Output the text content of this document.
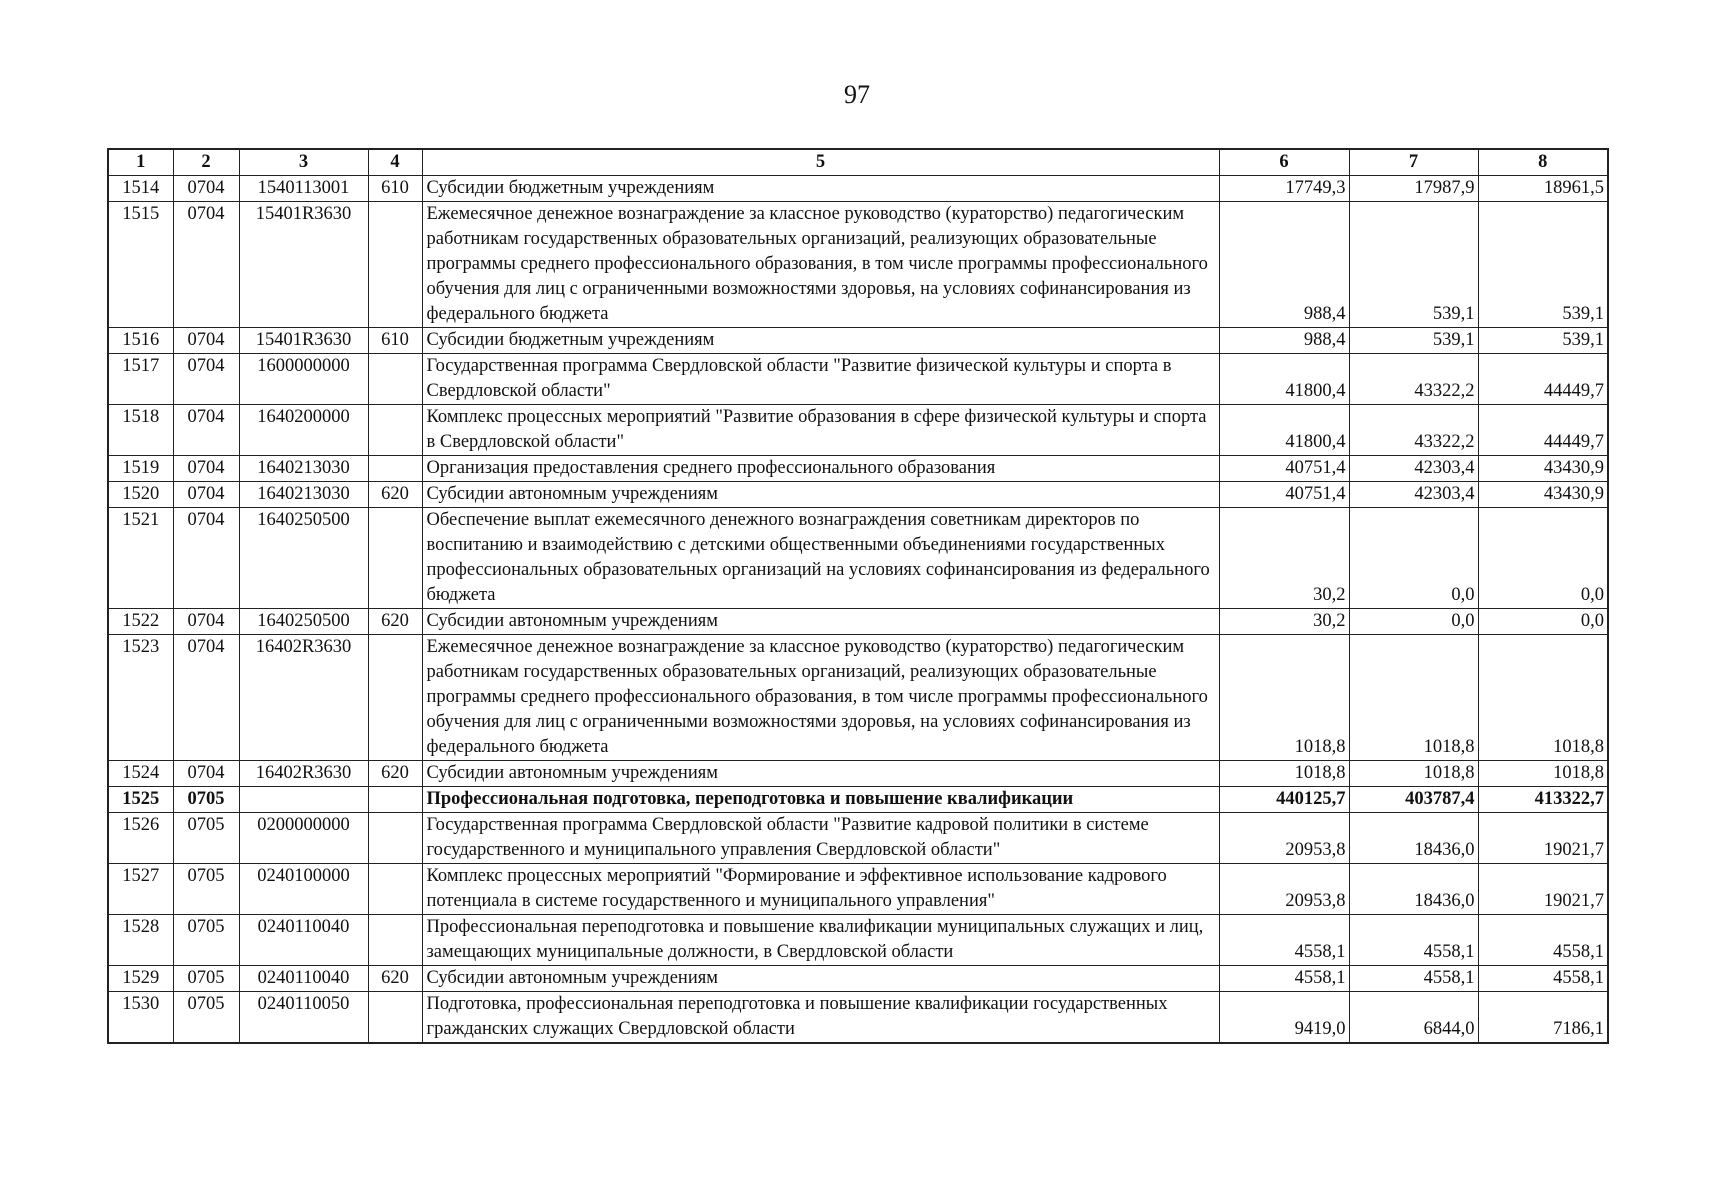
97
1	2	3	4	5	6	7	8
1514	0704	1540113001	610	Субсидии бюджетным учреждениям	17749,3	17987,9	18961,5
1515	0704	15401R3630		Ежемесячное денежное вознаграждение за классное руководство (кураторство) педагогическим работникам государственных образовательных организаций, реализующих образовательные программы среднего профессионального образования, в том числе программы профессионального обучения для лиц с ограниченными возможностями здоровья, на условиях софинансирования из федерального бюджета	988,4	539,1	539,1
1516	0704	15401R3630	610	Субсидии бюджетным учреждениям	988,4	539,1	539,1
1517	0704	1600000000		Государственная программа Свердловской области "Развитие физической культуры и спорта в Свердловской области"	41800,4	43322,2	44449,7
1518	0704	1640200000		Комплекс процессных мероприятий "Развитие образования в сфере физической культуры и спорта в Свердловской области"	41800,4	43322,2	44449,7
1519	0704	1640213030		Организация предоставления среднего профессионального образования	40751,4	42303,4	43430,9
1520	0704	1640213030	620	Субсидии автономным учреждениям	40751,4	42303,4	43430,9
1521	0704	1640250500		Обеспечение выплат ежемесячного денежного вознаграждения советникам директоров по воспитанию и взаимодействию с детскими общественными объединениями государственных профессиональных образовательных организаций на условиях софинансирования из федерального бюджета	30,2	0,0	0,0
1522	0704	1640250500	620	Субсидии автономным учреждениям	30,2	0,0	0,0
1523	0704	16402R3630		Ежемесячное денежное вознаграждение за классное руководство (кураторство) педагогическим работникам государственных образовательных организаций, реализующих образовательные программы среднего профессионального образования, в том числе программы профессионального обучения для лиц с ограниченными возможностями здоровья, на условиях софинансирования из федерального бюджета	1018,8	1018,8	1018,8
1524	0704	16402R3630	620	Субсидии автономным учреждениям	1018,8	1018,8	1018,8
1525	0705			Профессиональная подготовка, переподготовка и повышение квалификации	440125,7	403787,4	413322,7
1526	0705	0200000000		Государственная программа Свердловской области "Развитие кадровой политики в системе государственного и муниципального управления Свердловской области"	20953,8	18436,0	19021,7
1527	0705	0240100000		Комплекс процессных мероприятий "Формирование и эффективное использование кадрового потенциала в системе государственного и муниципального управления"	20953,8	18436,0	19021,7
1528	0705	0240110040		Профессиональная переподготовка и повышение квалификации муниципальных служащих и лиц, замещающих муниципальные должности, в Свердловской области	4558,1	4558,1	4558,1
1529	0705	0240110040	620	Субсидии автономным учреждениям	4558,1	4558,1	4558,1
1530	0705	0240110050		Подготовка, профессиональная переподготовка и повышение квалификации государственных гражданских служащих Свердловской области	9419,0	6844,0	7186,1
